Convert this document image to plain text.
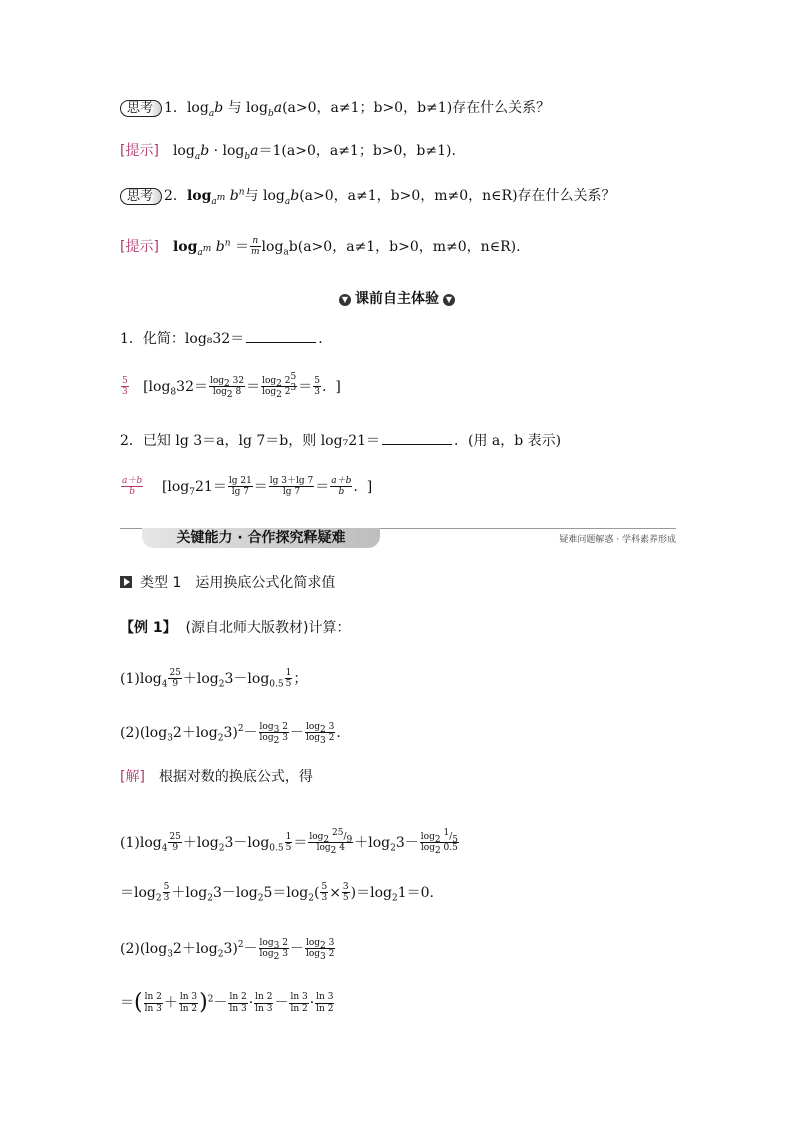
思考 1．$\log_ab$ 与 $\log_ba(a>0$，a≠1；b>0，b≠1)存在什么关系？
[提示] $\log_ab \cdot \log_ba=1(a>0$，a≠1；b>0，b≠1).
思考 2．$\log_{a^m} b^n$与 $\log_ab(a>0$，a≠1，b>0，m≠0，n∈R)存在什么关系？
[提示] $\log_{a^m} b^n = \frac{n}{m} \log_ab(a>0$，a≠1，b>0，m≠0，n∈R).
▼ 课前自主体验 ▼
1．化简：log₈32＝	.
$\frac{5}{3} [\log_832= \frac{\log_2 32}{\log_2 8} = \frac{\log_2 2^5}{\log_2 2^3} = \frac{5}{3}$ .  ]
2．已知 lg 3＝a，lg 7＝b，则 log₇21＝	．(用 a，b 表示)
$\frac{a+b}{b} [\log_721= \frac{\lg 21}{\lg 7} = \frac{\lg 3+\lg 7}{\lg 7} = \frac{a+b}{b}$ .  ]
关键能力 · 合作探究释疑难	疑难问题解惑 · 学科素养形成
类型 1　运用换底公式化简求值
【例 1】 (源自北师大版教材)计算：
$(1)\log_4 \frac{25}{9} +\log_23-\log_{0.5} \frac{1}{5}$ ；
$(2)(\log_32+\log_23)^2- \frac{\log_3 2}{\log_2 3} - \frac{\log_2 3}{\log_3 2}$ .
[解] 根据对数的换底公式，得
$(1)\log_4 \frac{25}{9} +\log_23-\log_{0.5} \frac{1}{5} = \frac{\log_2 ^{25}/_9}{\log_2 4} +\log_23- \frac{\log_2 ^1/_5}{\log_2 0.5}$
$=\log_2 \frac{5}{3} +\log_23-\log_25=\log_2( \frac{5}{3} \times \frac{3}{5} )=\log_21=0$.
$(2)(\log_32+\log_23)^2- \frac{\log_3 2}{\log_2 3} - \frac{\log_2 3}{\log_3 2}$
＝( $\frac{\ln 2}{\ln 3} + \frac{\ln 3}{\ln 2} )^2- \frac{\ln 2}{\ln 3} \cdot \frac{\ln 2}{\ln 3} - \frac{\ln 3}{\ln 2} \cdot \frac{\ln 3}{\ln 2}$
